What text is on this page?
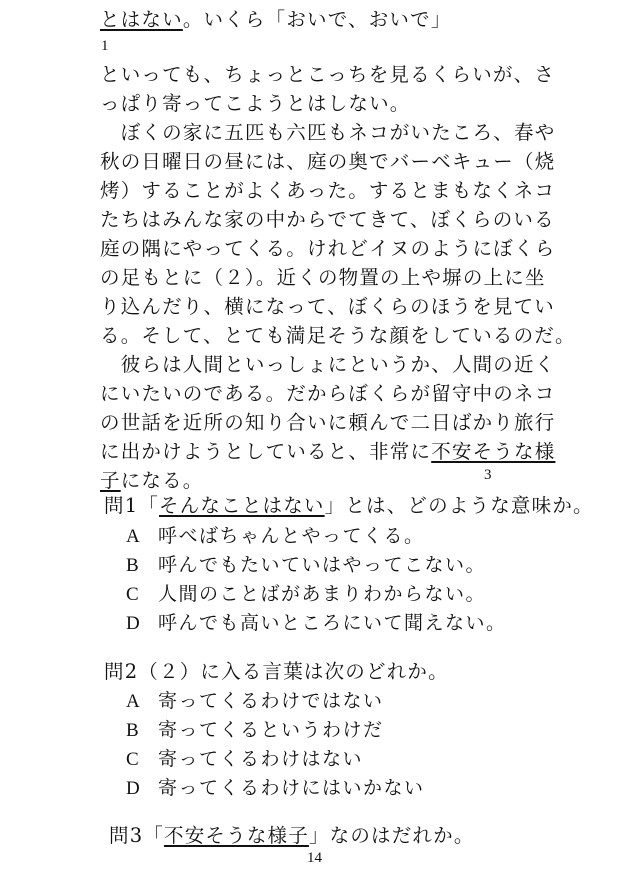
とはない。いくら「おいで、おいで」
1
といっても、ちょっとこっちを見るくらいが、さ
っぱり寄ってこようとはしない。
　ぼくの家に五匹も六匹もネコがいたころ、春や
秋の日曜日の昼には、庭の奥でバーベキュー（烧
烤）することがよくあった。するとまもなくネコ
たちはみんな家の中からでてきて、ぼくらのいる
庭の隅にやってくる。けれどイヌのようにぼくら
の足もとに（２）。近くの物置の上や塀の上に坐
り込んだり、横になって、ぼくらのほうを見てい
る。そして、とても満足そうな顔をしているのだ。
　彼らは人間といっしょにというか、人間の近く
にいたいのである。だからぼくらが留守中のネコ
の世話を近所の知り合いに頼んで二日ばかり旅行
に出かけようとしていると、非常に不安そうな様
子になる。	3
問1「そんなことはない」とは、どのような意味か。
A 呼べばちゃんとやってくる。
B 呼んでもたいていはやってこない。
C 人間のことばがあまりわからない。
D 呼んでも高いところにいて聞えない。
問2（２）に入る言葉は次のどれか。
A 寄ってくるわけではない
B 寄ってくるというわけだ
C 寄ってくるわけはない
D 寄ってくるわけにはいかない
問3「不安そうな様子」なのはだれか。
14
